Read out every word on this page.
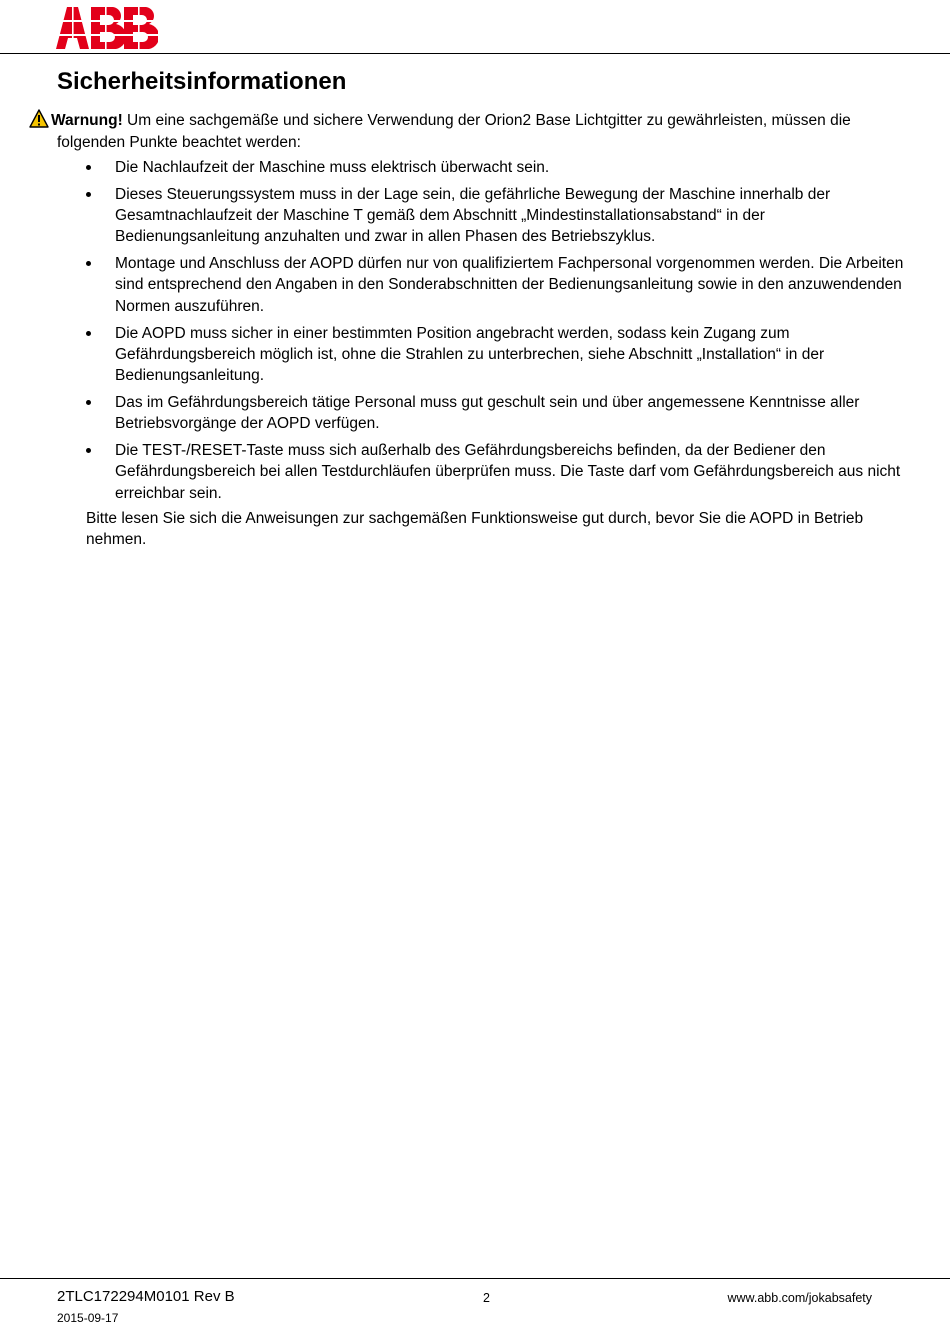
Sicherheitsinformationen
Warnung! Um eine sachgemäße und sichere Verwendung der Orion2 Base Lichtgitter zu gewährleisten, müssen die
folgenden Punkte beachtet werden:
Die Nachlaufzeit der Maschine muss elektrisch überwacht sein.
Dieses Steuerungssystem muss in der Lage sein, die gefährliche Bewegung der Maschine innerhalb der Gesamtnachlaufzeit der Maschine T gemäß dem Abschnitt „Mindestinstallationsabstand“ in der Bedienungsanleitung anzuhalten und zwar in allen Phasen des Betriebszyklus.
Montage und Anschluss der AOPD dürfen nur von qualifiziertem Fachpersonal vorgenommen werden. Die Arbeiten sind entsprechend den Angaben in den Sonderabschnitten der Bedienungsanleitung sowie in den anzuwendenden Normen auszuführen.
Die AOPD muss sicher in einer bestimmten Position angebracht werden, sodass kein Zugang zum Gefährdungsbereich möglich ist, ohne die Strahlen zu unterbrechen, siehe Abschnitt „Installation“ in der Bedienungsanleitung.
Das im Gefährdungsbereich tätige Personal muss gut geschult sein und über angemessene Kenntnisse aller Betriebsvorgänge der AOPD verfügen.
Die TEST-/RESET-Taste muss sich außerhalb des Gefährdungsbereichs befinden, da der Bediener den Gefährdungsbereich bei allen Testdurchläufen überprüfen muss. Die Taste darf vom Gefährdungsbereich aus nicht erreichbar sein.

Bitte lesen Sie sich die Anweisungen zur sachgemäßen Funktionsweise gut durch, bevor Sie die AOPD in Betrieb nehmen.

2TLC172294M0101 Rev B
2015-09-17
2	www.abb.com/jokabsafety
